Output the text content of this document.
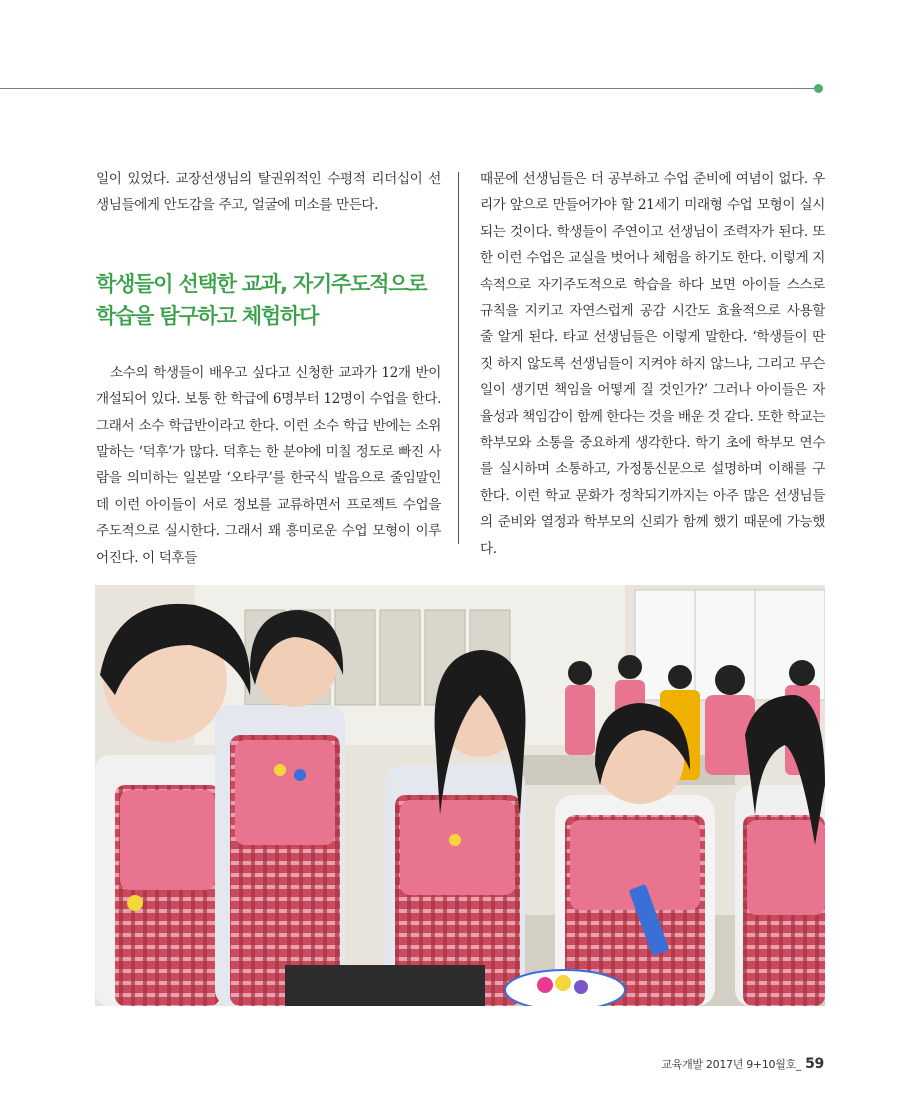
일이 있었다. 교장선생님의 탈권위적인 수평적 리더십이 선생님들에게 안도감을 주고, 얼굴에 미소를 만든다.

학생들이 선택한 교과, 자기주도적으로
학습을 탐구하고 체험하다

소수의 학생들이 배우고 싶다고 신청한 교과가 12개 반이 개설되어 있다. 보통 한 학급에 6명부터 12명이 수업을 한다. 그래서 소수 학급반이라고 한다. 이런 소수 학급 반에는 소위 말하는 ‘덕후’가 많다. 덕후는 한 분야에 미칠 정도로 빠진 사람을 의미하는 일본말 ‘오타쿠’를 한국식 발음으로 줄임말인데 이런 아이들이 서로 정보를 교류하면서 프로젝트 수업을 주도적으로 실시한다. 그래서 꽤 흥미로운 수업 모형이 이루어진다. 이 덕후들

때문에 선생님들은 더 공부하고 수업 준비에 여념이 없다. 우리가 앞으로 만들어가야 할 21세기 미래형 수업 모형이 실시되는 것이다. 학생들이 주연이고 선생님이 조력자가 된다. 또한 이런 수업은 교실을 벗어나 체험을 하기도 한다. 이렇게 지속적으로 자기주도적으로 학습을 하다 보면 아이들 스스로 규칙을 지키고 자연스럽게 공감 시간도 효율적으로 사용할 줄 알게 된다. 타교 선생님들은 이렇게 말한다. ‘학생들이 딴 짓 하지 않도록 선생님들이 지켜야 하지 않느냐, 그리고 무슨 일이 생기면 책임을 어떻게 질 것인가?’ 그러나 아이들은 자율성과 책임감이 함께 한다는 것을 배운 것 같다. 또한 학교는 학부모와 소통을 중요하게 생각한다. 학기 초에 학부모 연수를 실시하며 소통하고, 가정통신문으로 설명하며 이해를 구한다. 이런 학교 문화가 정착되기까지는 아주 많은 선생님들의 준비와 열정과 학부모의 신뢰가 함께 했기 때문에 가능했다.

교육개발 2017년 9+10월호_ 59
